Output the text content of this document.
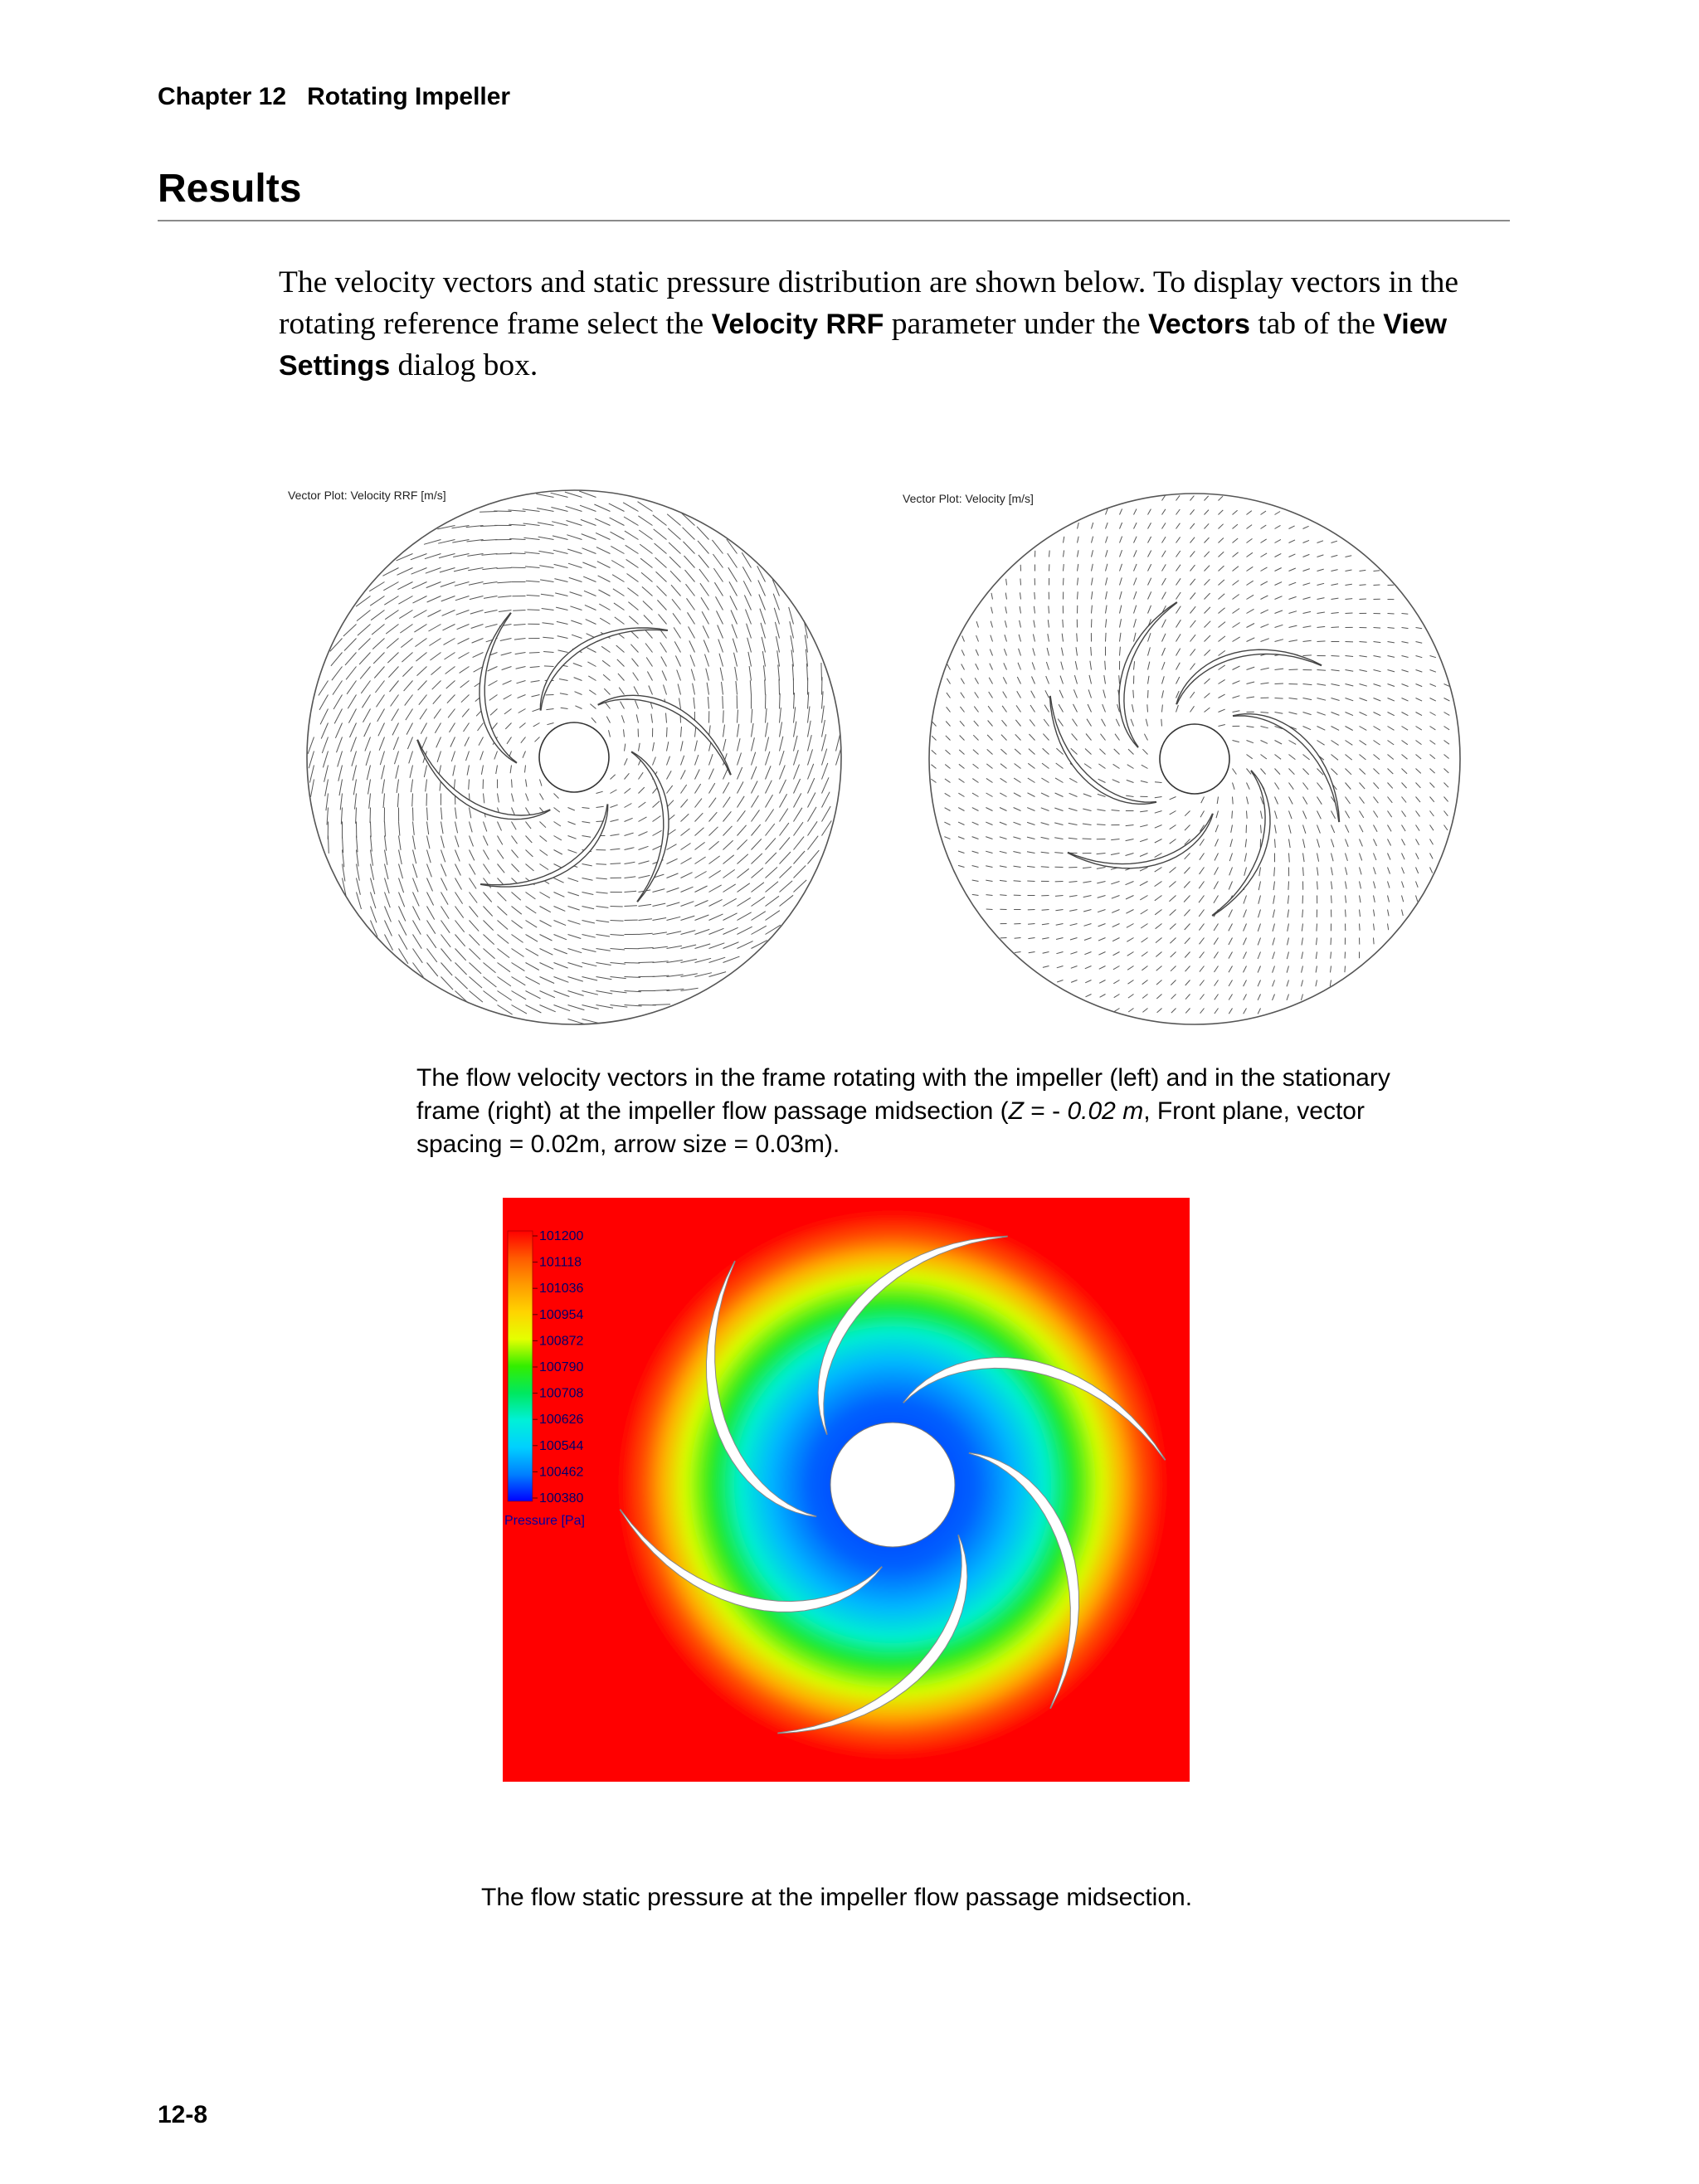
Chapter 12 Rotating Impeller
Results

The velocity vectors and static pressure distribution are shown below. To display vectors in the rotating reference frame select the Velocity RRF parameter under the Vectors tab of the View Settings dialog box.

Vector Plot: Velocity RRF [m/s]	Vector Plot: Velocity [m/s]
The flow velocity vectors in the frame rotating with the impeller (left) and in the stationary frame (right) at the impeller flow passage midsection (Z = - 0.02 m, Front plane, vector spacing = 0.02m, arrow size = 0.03m).
101200
101118
101036
100954
100872
100790
100708
100626
100544
100462
100380
Pressure [Pa]
The flow static pressure at the impeller flow passage midsection.
12-8
